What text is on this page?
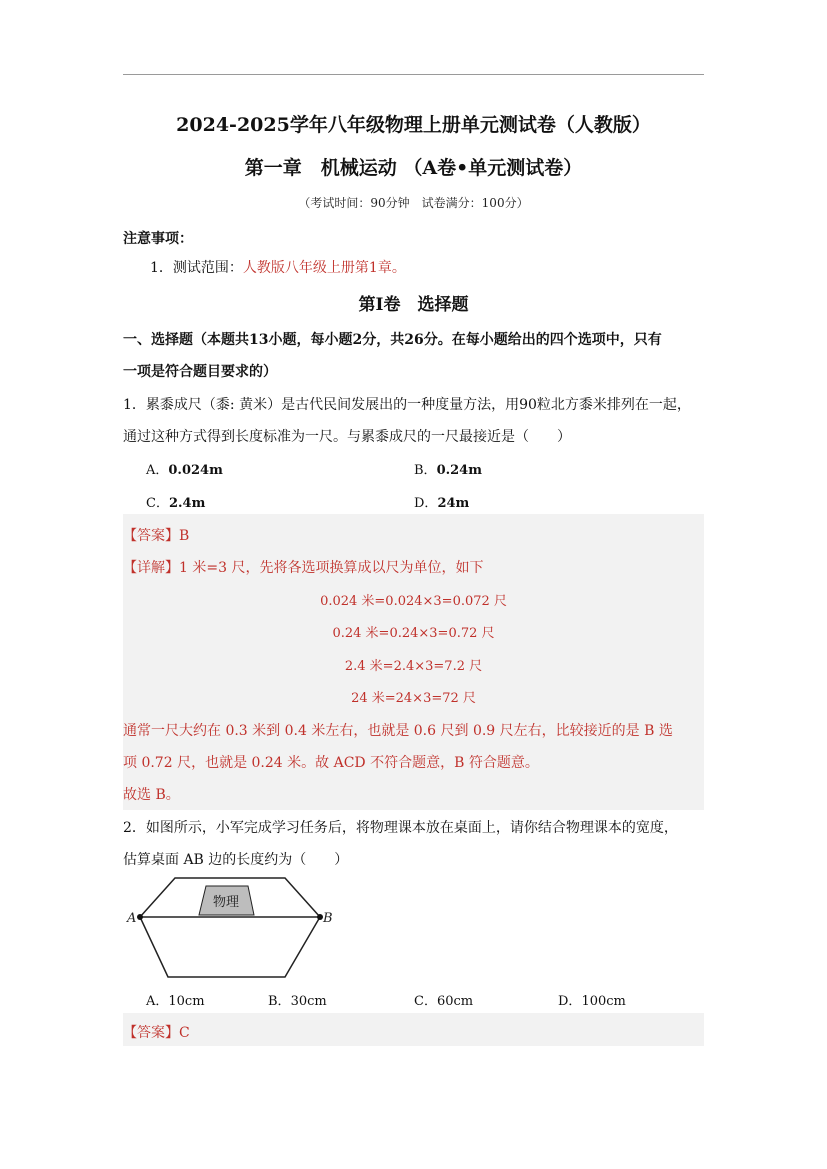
2024-2025学年八年级物理上册单元测试卷（人教版）
第一章　机械运动 （A卷•单元测试卷）
（考试时间：90分钟　试卷满分：100分）
注意事项：
1．测试范围：人教版八年级上册第1章。
第Ⅰ卷　选择题
一、选择题（本题共13小题，每小题2分，共26分。在每小题给出的四个选项中，只有
一项是符合题目要求的）
1．累黍成尺（黍: 黄米）是古代民间发展出的一种度量方法，用90粒北方黍米排列在一起，
通过这种方式得到长度标准为一尺。与累黍成尺的一尺最接近是（　　）
A．0.024m	B．0.24m
C．2.4m	D．24m
【答案】B
【详解】1 米=3 尺，先将各选项换算成以尺为单位，如下
0.024 米=0.024×3=0.072 尺
0.24 米=0.24×3=0.72 尺
2.4 米=2.4×3=7.2 尺
24 米=24×3=72 尺
通常一尺大约在 0.3 米到 0.4 米左右，也就是 0.6 尺到 0.9 尺左右，比较接近的是 B 选
项 0.72 尺，也就是 0.24 米。故 ACD 不符合题意，B 符合题意。
故选 B。
2．如图所示，小军完成学习任务后，将物理课本放在桌面上，请你结合物理课本的宽度，
估算桌面 AB 边的长度约为（　　）
物理
A	B
A．10cm	B．30cm	C．60cm	D．100cm
【答案】C
